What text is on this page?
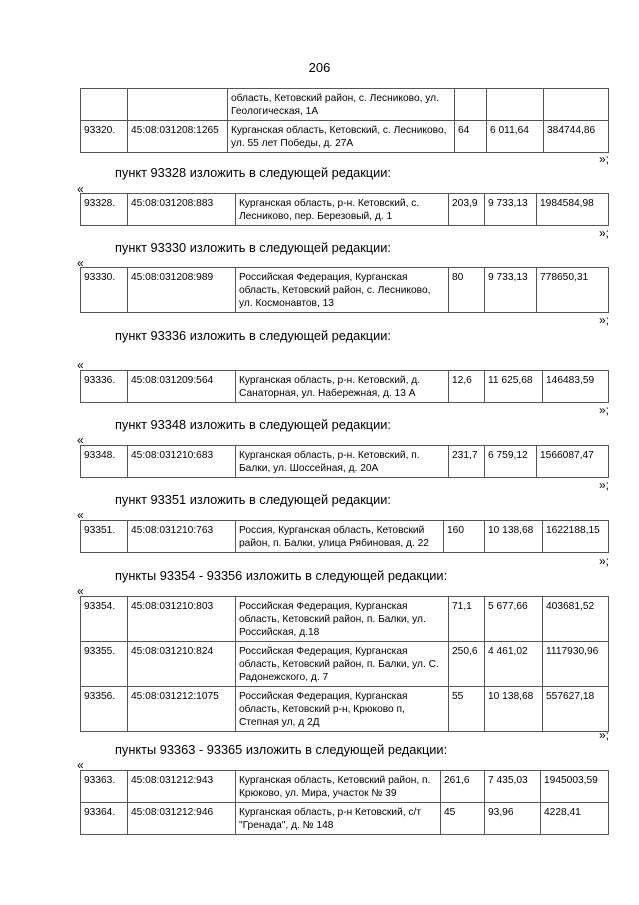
206
		область, Кетовский район, с. Лесниково, ул. Геологическая, 1А			
93320.	45:08:031208:1265	Курганская область, Кетовский, с. Лесниково, ул. 55 лет Победы, д. 27А	64	6 011,64	384744,86
»;
пункт 93328 изложить в следующей редакции:
«
93328.	45:08:031208:883	Курганская область, р-н. Кетовский, с. Лесниково, пер. Березовый, д. 1	203,9	9 733,13	1984584,98
»;
пункт 93330 изложить в следующей редакции:
«
93330.	45:08:031208:989	Российская Федерация, Курганская область, Кетовский район, с. Лесниково, ул. Космонавтов, 13	80	9 733,13	778650,31
»;
пункт 93336 изложить в следующей редакции:
«
93336.	45:08:031209:564	Курганская область, р-н. Кетовский, д. Санаторная, ул. Набережная, д. 13 А	12,6	11 625,68	146483,59
»;
пункт 93348 изложить в следующей редакции:
«
93348.	45:08:031210:683	Курганская область, р-н. Кетовский, п. Балки, ул. Шоссейная, д. 20А	231,7	6 759,12	1566087,47
»;
пункт 93351 изложить в следующей редакции:
«
93351.	45:08:031210:763	Россия, Курганская область, Кетовский район, п. Балки, улица Рябиновая, д. 22	160	10 138,68	1622188,15
»;
пункты 93354 - 93356 изложить в следующей редакции:
«
93354.	45:08:031210:803	Российская Федерация, Курганская область, Кетовский район, п. Балки, ул. Российская, д.18	71,1	5 677,66	403681,52
93355.	45:08:031210:824	Российская Федерация, Курганская область, Кетовский район, п. Балки, ул. С. Радонежского, д. 7	250,6	4 461,02	1117930,96
93356.	45:08:031212:1075	Российская Федерация, Курганская область, Кетовский р-н, Крюково п, Степная ул, д 2Д	55	10 138,68	557627,18
»;
пункты 93363 - 93365 изложить в следующей редакции:
«
93363.	45:08:031212:943	Курганская область, Кетовский район, п. Крюково, ул. Мира, участок № 39	261,6	7 435,03	1945003,59
93364.	45:08:031212:946	Курганская область, р-н Кетовский, с/т "Гренада", д. № 148	45	93,96	4228,41
